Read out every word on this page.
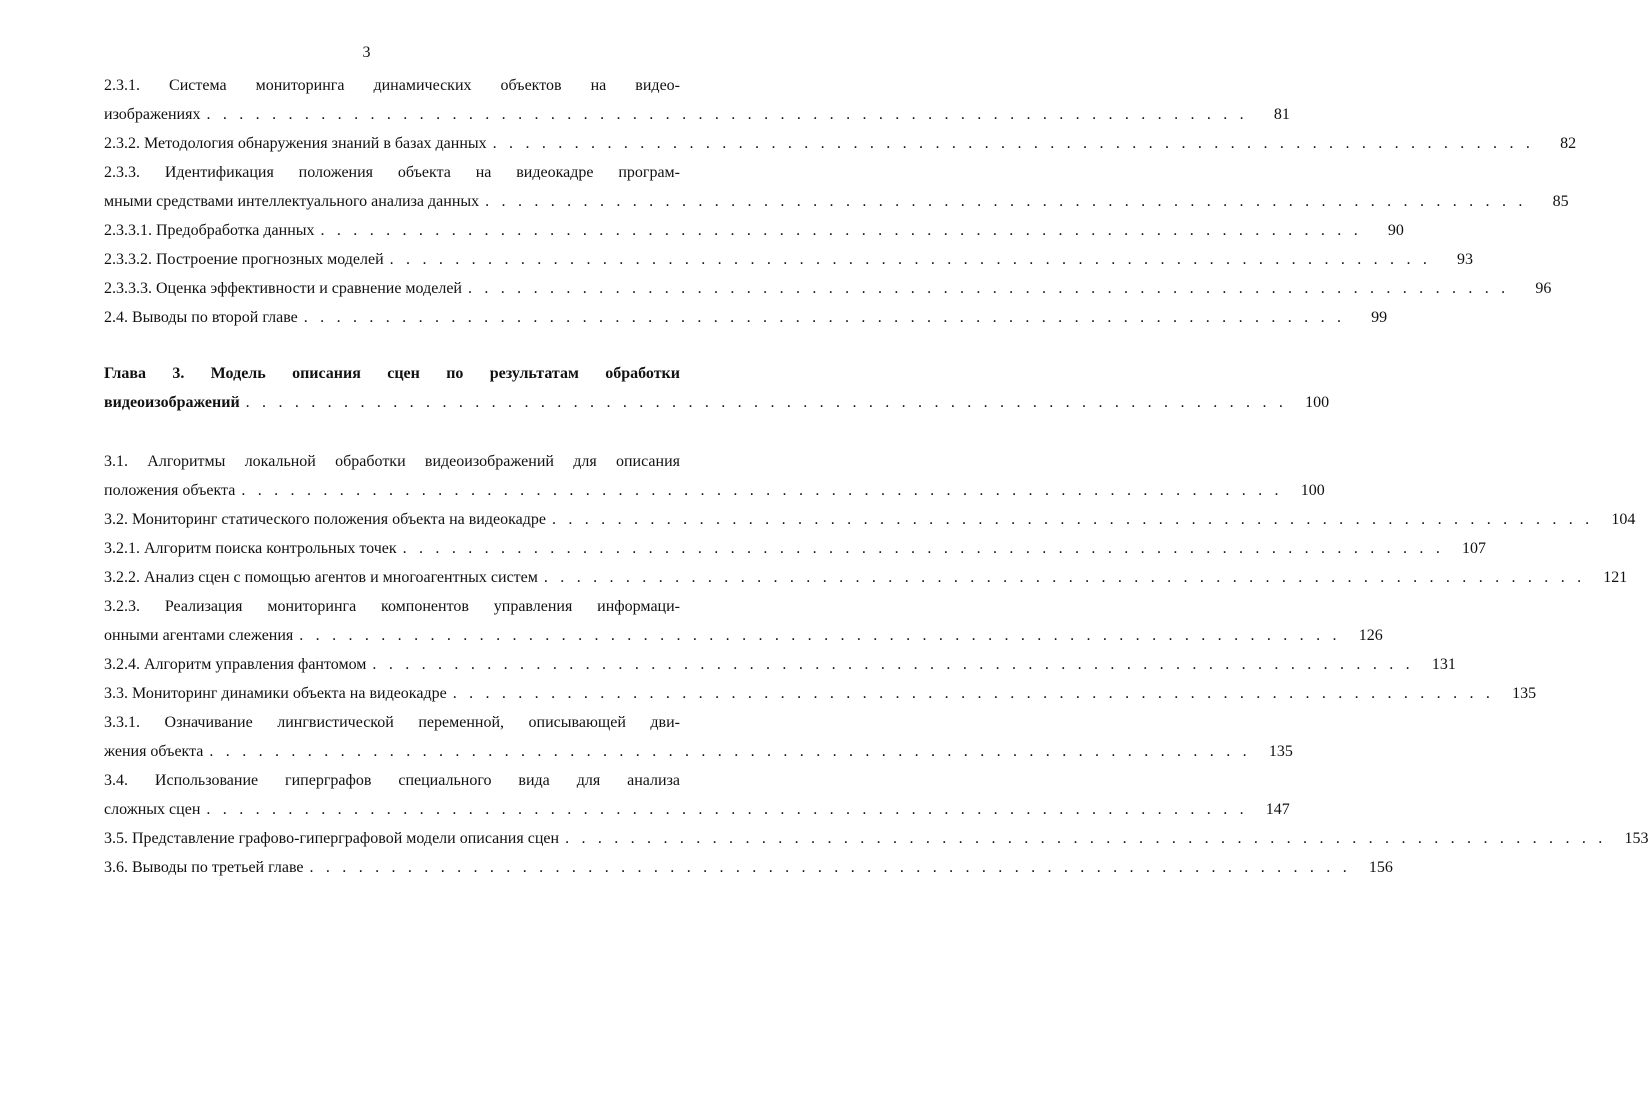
3
2.3.1. Система мониторинга динамических объектов на видео-
изображениях . . . . . . . . . . . . . . . . . . . . . . . . . . . . . . . . . . . . . . . . . . . . . . . . . . . . . . . . . . . . . . . .	81
2.3.2. Методология обнаружения знаний в базах данных . . . . . . . . . . . . . . . . . . . . . . . . . . . . . . . . . . . . . . . . . . . . . . . . . . . . . . . . . . . . . . . .	82
2.3.3. Идентификация положения объекта на видеокадре програм-
мными средствами интеллектуального анализа данных . . . . . . . . . . . . . . . . . . . . . . . . . . . . . . . . . . . . . . . . . . . . . . . . . . . . . . . . . . . . . . . .	85
2.3.3.1. Предобработка данных . . . . . . . . . . . . . . . . . . . . . . . . . . . . . . . . . . . . . . . . . . . . . . . . . . . . . . . . . . . . . . . .	90
2.3.3.2. Построение прогнозных моделей . . . . . . . . . . . . . . . . . . . . . . . . . . . . . . . . . . . . . . . . . . . . . . . . . . . . . . . . . . . . . . . .	93
2.3.3.3. Оценка эффективности и сравнение моделей . . . . . . . . . . . . . . . . . . . . . . . . . . . . . . . . . . . . . . . . . . . . . . . . . . . . . . . . . . . . . . . .	96
2.4. Выводы по второй главе . . . . . . . . . . . . . . . . . . . . . . . . . . . . . . . . . . . . . . . . . . . . . . . . . . . . . . . . . . . . . . . .	99
Глава 3. Модель описания сцен по результатам обработки
видеоизображений . . . . . . . . . . . . . . . . . . . . . . . . . . . . . . . . . . . . . . . . . . . . . . . . . . . . . . . . . . . . . . . .	100
3.1. Алгоритмы локальной обработки видеоизображений для описания
положения объекта . . . . . . . . . . . . . . . . . . . . . . . . . . . . . . . . . . . . . . . . . . . . . . . . . . . . . . . . . . . . . . . .	100
3.2. Мониторинг статического положения объекта на видеокадре . . . . . . . . . . . . . . . . . . . . . . . . . . . . . . . . . . . . . . . . . . . . . . . . . . . . . . . . . . . . . . . .	104
3.2.1. Алгоритм поиска контрольных точек . . . . . . . . . . . . . . . . . . . . . . . . . . . . . . . . . . . . . . . . . . . . . . . . . . . . . . . . . . . . . . . .	107
3.2.2. Анализ сцен с помощью агентов и многоагентных систем . . . . . . . . . . . . . . . . . . . . . . . . . . . . . . . . . . . . . . . . . . . . . . . . . . . . . . . . . . . . . . . .	121
3.2.3. Реализация мониторинга компонентов управления информаци-
онными агентами слежения . . . . . . . . . . . . . . . . . . . . . . . . . . . . . . . . . . . . . . . . . . . . . . . . . . . . . . . . . . . . . . . .	126
3.2.4. Алгоритм управления фантомом . . . . . . . . . . . . . . . . . . . . . . . . . . . . . . . . . . . . . . . . . . . . . . . . . . . . . . . . . . . . . . . .	131
3.3. Мониторинг динамики объекта на видеокадре . . . . . . . . . . . . . . . . . . . . . . . . . . . . . . . . . . . . . . . . . . . . . . . . . . . . . . . . . . . . . . . .	135
3.3.1. Означивание лингвистической переменной, описывающей дви-
жения объекта . . . . . . . . . . . . . . . . . . . . . . . . . . . . . . . . . . . . . . . . . . . . . . . . . . . . . . . . . . . . . . . .	135
3.4. Использование гиперграфов специального вида для анализа
сложных сцен . . . . . . . . . . . . . . . . . . . . . . . . . . . . . . . . . . . . . . . . . . . . . . . . . . . . . . . . . . . . . . . .	147
3.5. Представление графово-гиперграфовой модели описания сцен . . . . . . . . . . . . . . . . . . . . . . . . . . . . . . . . . . . . . . . . . . . . . . . . . . . . . . . . . . . . . . . .	153
3.6. Выводы по третьей главе . . . . . . . . . . . . . . . . . . . . . . . . . . . . . . . . . . . . . . . . . . . . . . . . . . . . . . . . . . . . . . . .	156
